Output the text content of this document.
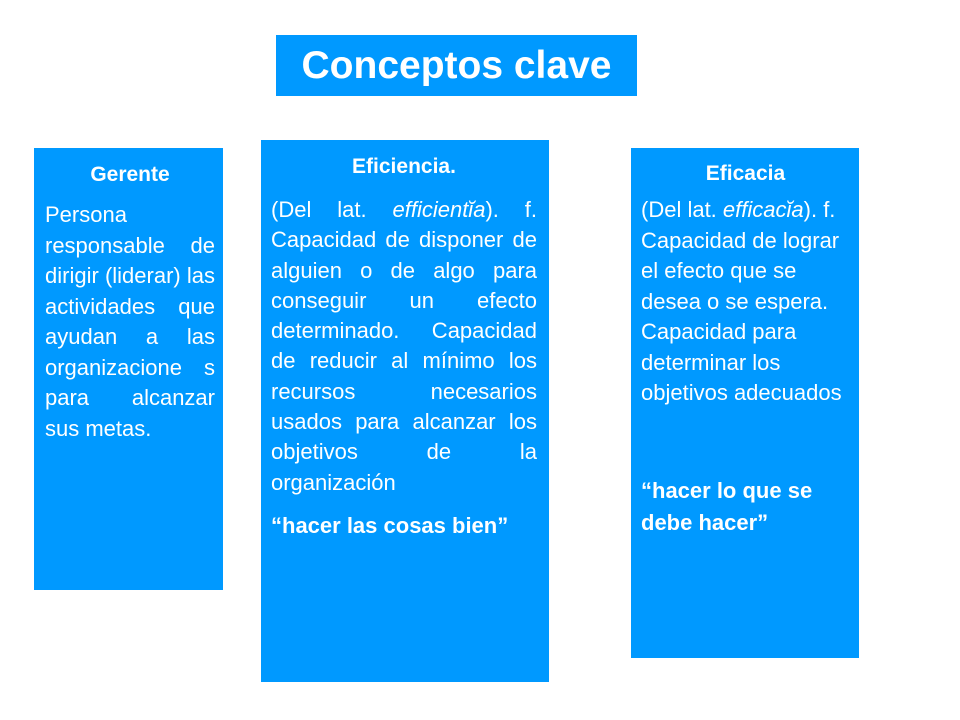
Conceptos clave

Gerente

Persona responsable de dirigir (liderar) las actividades que ayudan a las organizacione s para alcanzar sus metas.

Eficiencia.

(Del lat. efficientĭa). f. Capacidad de disponer de alguien o de algo para conseguir un efecto determinado. Capacidad de reducir al mínimo los recursos necesarios usados para alcanzar los objetivos de la organización

“hacer las cosas bien”

Eficacia

(Del lat. efficacĭa). f. Capacidad de lograr el efecto que se desea o se espera. Capacidad para determinar los objetivos adecuados

“hacer lo que se debe hacer”
